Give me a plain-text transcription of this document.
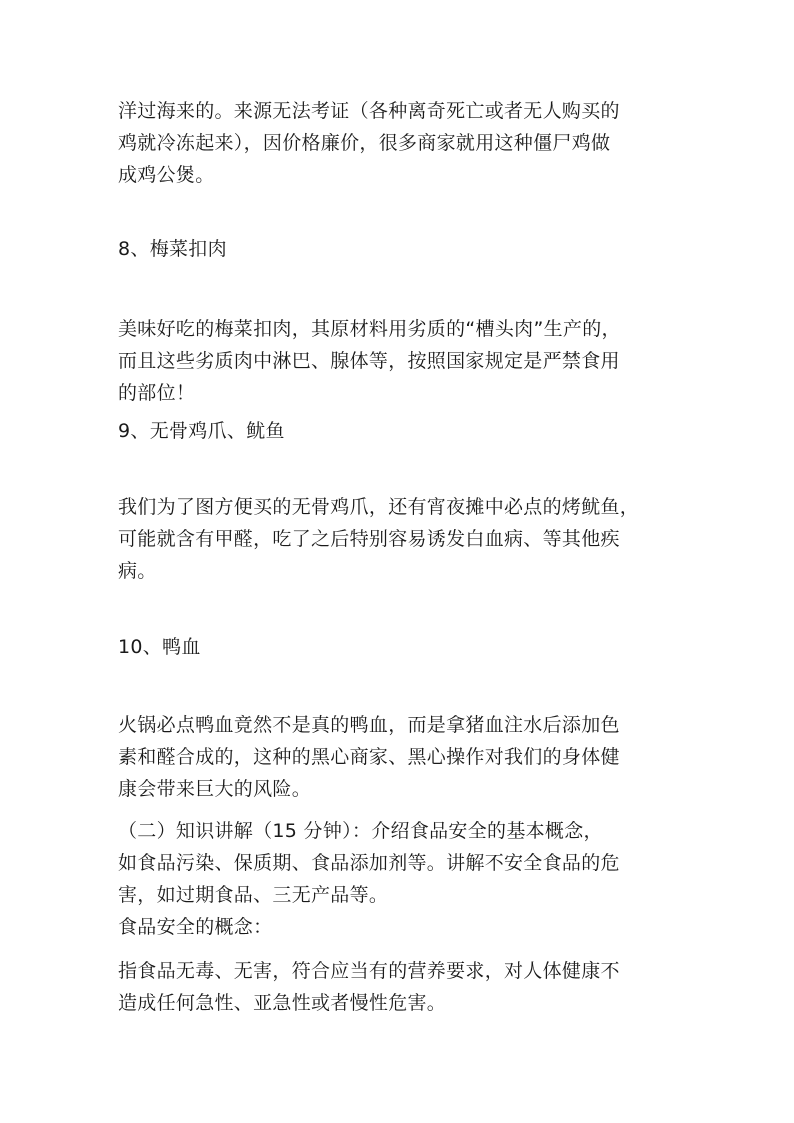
洋过海来的。来源无法考证（各种离奇死亡或者无人购买的
鸡就冷冻起来），因价格廉价，很多商家就用这种僵尸鸡做
成鸡公煲。

8、梅菜扣肉

美味好吃的梅菜扣肉，其原材料用劣质的“槽头肉”生产的，
而且这些劣质肉中淋巴、腺体等，按照国家规定是严禁食用
的部位！

9、无骨鸡爪、鱿鱼

我们为了图方便买的无骨鸡爪，还有宵夜摊中必点的烤鱿鱼，
可能就含有甲醛，吃了之后特别容易诱发白血病、等其他疾
病。

10、鸭血

火锅必点鸭血竟然不是真的鸭血，而是拿猪血注水后添加色
素和醛合成的，这种的黑心商家、黑心操作对我们的身体健
康会带来巨大的风险。

（二）知识讲解（15 分钟）：介绍食品安全的基本概念，
如食品污染、保质期、食品添加剂等。讲解不安全食品的危
害，如过期食品、三无产品等。

食品安全的概念：

指食品无毒、无害，符合应当有的营养要求，对人体健康不
造成任何急性、亚急性或者慢性危害。
